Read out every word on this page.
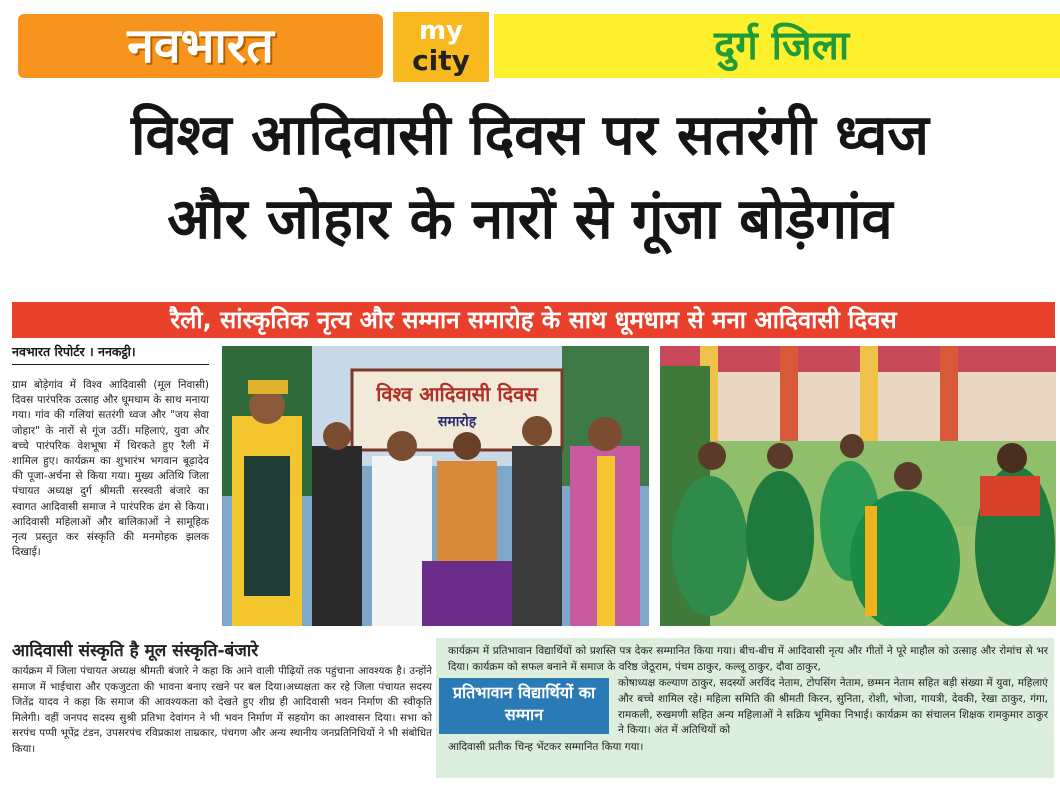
नवभारत	my
city	दुर्ग जिला
विश्व आदिवासी दिवस पर सतरंगी ध्वज
और जोहार के नारों से गूंजा बोड़ेगांव
रैली, सांस्कृतिक नृत्य और सम्मान समारोह के साथ धूमधाम से मना आदिवासी दिवस
नवभारत रिपोर्टर । ननकट्ठी।
ग्राम बोड़ेगांव में विश्व आदिवासी (मूल निवासी) दिवस पारंपरिक उत्साह और धूमधाम के साथ मनाया गया। गांव की गलियां सतरंगी ध्वज और "जय सेवा जोहार" के नारों से गूंज उठीं। महिलाएं, युवा और बच्चे पारंपरिक वेशभूषा में थिरकते हुए रैली में शामिल हुए। कार्यक्रम का शुभारंभ भगवान बूढ़ादेव की पूजा-अर्चना से किया गया। मुख्य अतिथि जिला पंचायत अध्यक्ष दुर्ग श्रीमती सरस्वती बंजारे का स्वागत आदिवासी समाज ने पारंपरिक ढंग से किया। आदिवासी महिलाओं और बालिकाओं ने सामूहिक नृत्य प्रस्तुत कर संस्कृति की मनमोहक झलक दिखाई।
विश्व आदिवासी दिवस
समारोह
आदिवासी संस्कृति है मूल संस्कृति-बंजारे
कार्यक्रम में जिला पंचायत अध्यक्ष श्रीमती बंजारे ने कहा कि आने वाली पीढ़ियों तक पहुंचाना आवश्यक है। उन्होंने समाज में भाईचारा और एकजुटता की भावना बनाए रखने पर बल दिया।अध्यक्षता कर रहे जिला पंचायत सदस्य जितेंद्र यादव ने कहा कि समाज की आवश्यकता को देखते हुए शीघ्र ही आदिवासी भवन निर्माण की स्वीकृति मिलेगी। वहीं जनपद सदस्य सुश्री प्रतिभा देवांगन ने भी भवन निर्माण में सहयोग का आश्वासन दिया। सभा को सरपंच पप्पी भूपेंद्र टंडन, उपसरपंच रविप्रकाश ताम्रकार, पंचगण और अन्य स्थानीय जनप्रतिनिधियों ने भी संबोधित किया।
कार्यक्रम में प्रतिभावान विद्यार्थियों को प्रशस्ति पत्र देकर सम्मानित किया गया। बीच-बीच में आदिवासी नृत्य और गीतों ने पूरे माहौल को उत्साह और रोमांच से भर दिया। कार्यक्रम को सफल बनाने में समाज के वरिष्ठ जेठूराम, पंचम ठाकुर, कल्लू ठाकुर, दौवा ठाकुर,
प्रतिभावान विद्यार्थियों का सम्मान
कोषाध्यक्ष कल्याण ठाकुर, सदस्यों अरविंद नेताम, टोपसिंग नेताम, छम्मन नेताम सहित बड़ी संख्या में युवा, महिलाएं और बच्चे शामिल रहे। महिला समिति की श्रीमती किरन, सुनिता, रोशी, भोजा, गायत्री, देवकी, रेखा ठाकुर, गंगा, रामकली, रुखमणी सहित अन्य महिलाओं ने सक्रिय भूमिका निभाई। कार्यक्रम का संचालन शिक्षक रामकुमार ठाकुर ने किया। अंत में अतिथियों को
आदिवासी प्रतीक चिन्ह भेंटकर सम्मानित किया गया।
